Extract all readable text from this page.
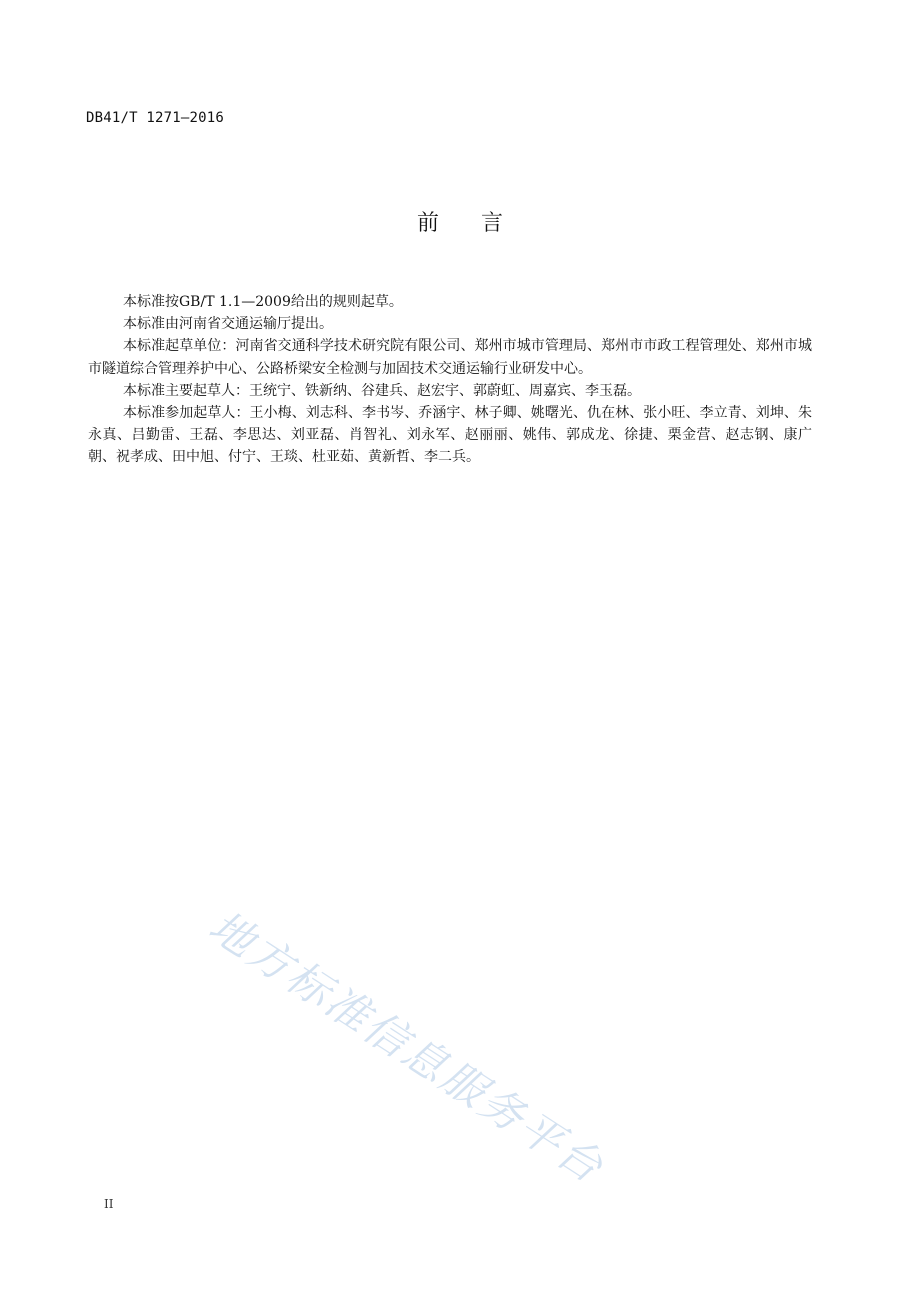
DB41/T 1271—2016
前言

本标准按GB/T 1.1—2009给出的规则起草。

本标准由河南省交通运输厅提出。

本标准起草单位：河南省交通科学技术研究院有限公司、郑州市城市管理局、郑州市市政工程管理处、郑州市城市隧道综合管理养护中心、公路桥梁安全检测与加固技术交通运输行业研发中心。

本标准主要起草人：王统宁、铁新纳、谷建兵、赵宏宇、郭蔚虹、周嘉宾、李玉磊。

本标准参加起草人：王小梅、刘志科、李书岑、乔涵宇、林子卿、姚曙光、仇在林、张小旺、李立青、刘坤、朱永真、吕勤雷、王磊、李思达、刘亚磊、肖智礼、刘永军、赵丽丽、姚伟、郭成龙、徐捷、栗金营、赵志钢、康广朝、祝孝成、田中旭、付宁、王琰、杜亚茹、黄新哲、李二兵。

地方标准信息服务平台
II
